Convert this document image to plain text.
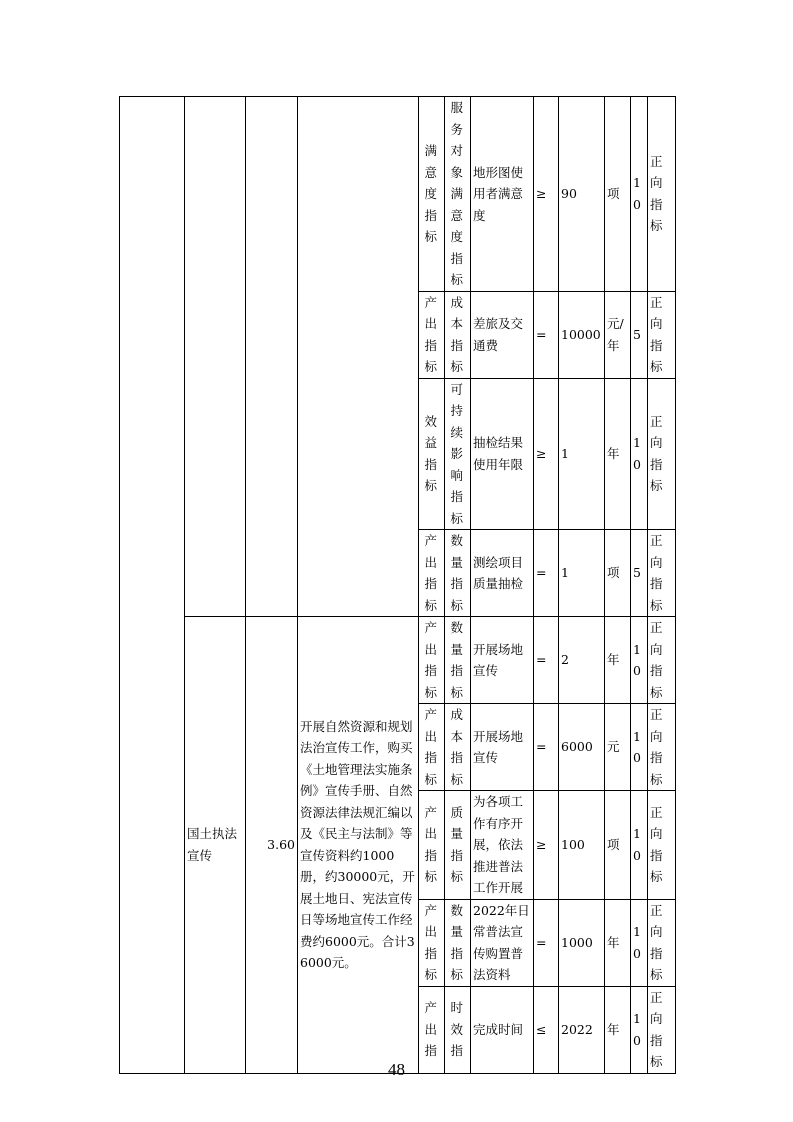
				满意度指标	服务对象满意度指标	地形图使用者满意度	≥	90	项	10	正向指标
				产出指标	成本指标	差旅及交通费	=	10000	元/年	5	正向指标
				效益指标	可持续影响指标	抽检结果使用年限	≥	1	年	10	正向指标
				产出指标	数量指标	测绘项目质量抽检	=	1	项	5	正向指标
	国土执法宣传	3.60	开展自然资源和规划法治宣传工作，购买《土地管理法实施条例》宣传手册、自然资源法律法规汇编以及《民主与法制》等宣传资料约1000册，约30000元，开展土地日、宪法宣传日等场地宣传工作经费约6000元。合计36000元。	产出指标	数量指标	开展场地宣传	=	2	年	10	正向指标
				产出指标	成本指标	开展场地宣传	=	6000	元	10	正向指标
				产出指标	质量指标	为各项工作有序开展，依法推进普法工作开展	≥	100	项	10	正向指标
				产出指标	数量指标	2022年日常普法宣传购置普法资料	=	1000	年	10	正向指标
				产出指	时效指	完成时间	≤	2022	年	10	正向指标
48
